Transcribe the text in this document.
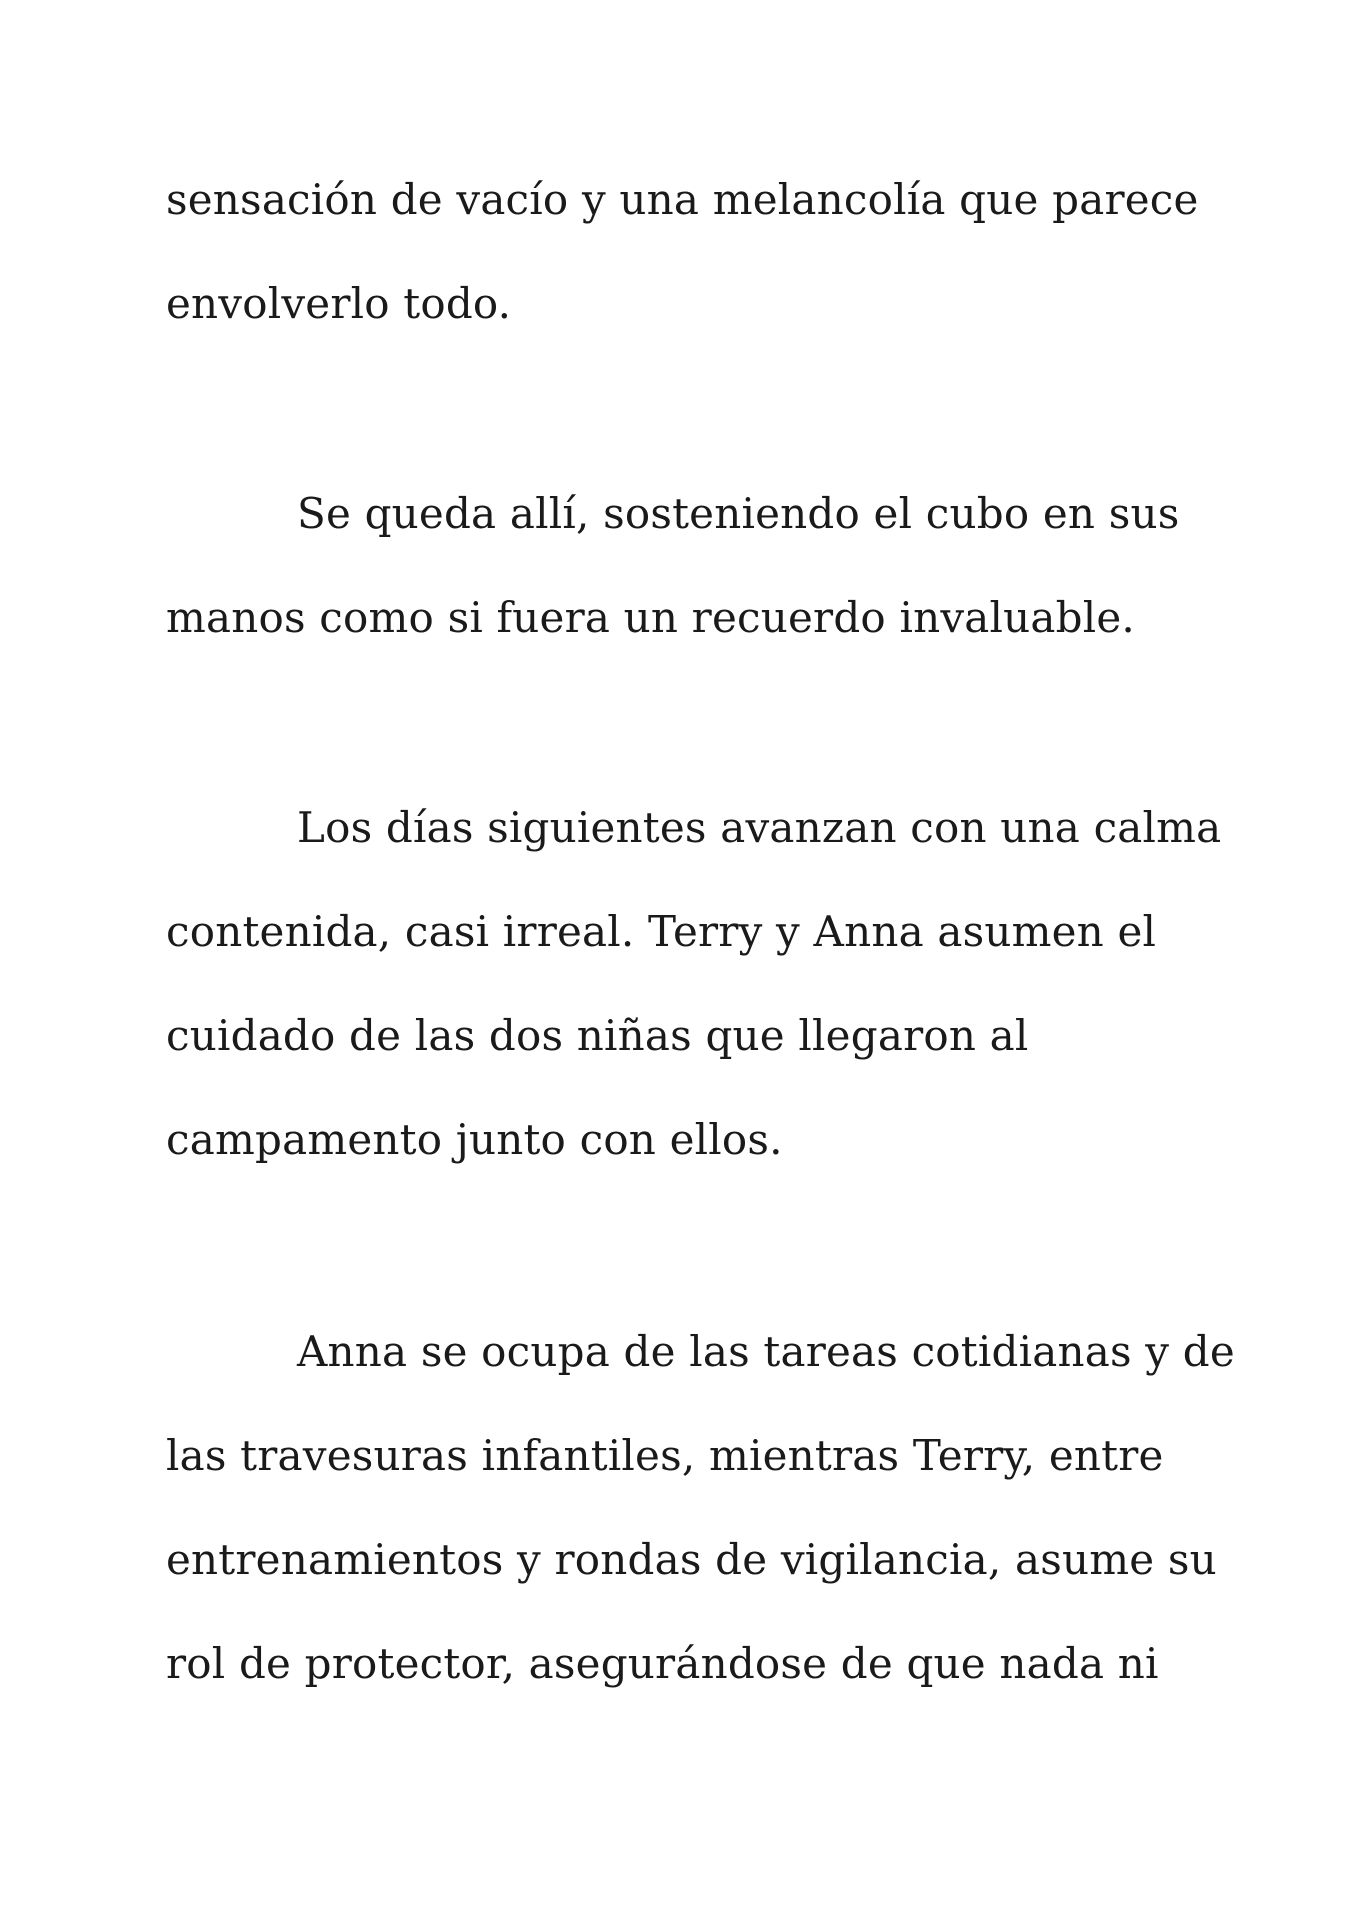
sensación de vacío y una melancolía que parece

envolverlo todo.

Se queda allí, sosteniendo el cubo en sus

manos como si fuera un recuerdo invaluable.

Los días siguientes avanzan con una calma

contenida, casi irreal. Terry y Anna asumen el

cuidado de las dos niñas que llegaron al

campamento junto con ellos.

Anna se ocupa de las tareas cotidianas y de

las travesuras infantiles, mientras Terry, entre

entrenamientos y rondas de vigilancia, asume su

rol de protector, asegurándose de que nada ni
